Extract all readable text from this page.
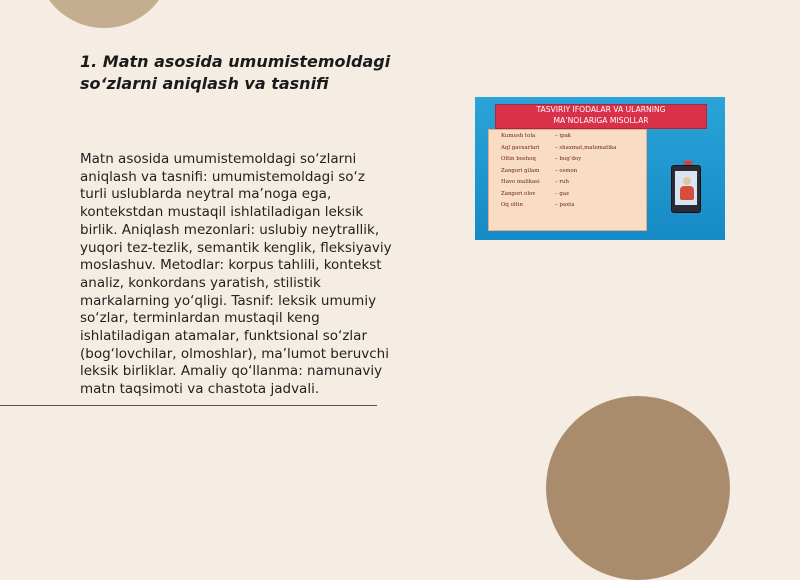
1. Matn asosida umumistemoldagi
so‘zlarni aniqlash va tasnifi

Matn asosida umumistemoldagi so‘zlarni
aniqlash va tasnifi: umumistemoldagi so‘z
turli uslublarda neytral ma’noga ega,
kontekstdan mustaqil ishlatiladigan leksik
birlik. Aniqlash mezonlari: uslubiy neytrallik,
yuqori tez-tezlik, semantik kenglik, fleksiyaviy
moslashuv. Metodlar: korpus tahlili, kontekst
analiz, konkordans yaratish, stilistik
markalarning yo‘qligi. Tasnif: leksik umumiy
so‘zlar, terminlardan mustaqil keng
ishlatiladigan atamalar, funktsional so‘zlar
(bog‘lovchilar, olmoshlar), ma’lumot beruvchi
leksik birliklar. Amaliy qo‘llanma: namunaviy
matn taqsimoti va chastota jadvali.

TASVIRIY IFODALAR VA ULARNING
MA’NOLARIGA MISOLLAR
Kumush tola	– ipak
Aql gavxarlari	– shaxmat,matematika
Oltin boshoq	– bug‘doy
Zangori gilam	– osmon
Havo malikasi	– ruh
Zangori olov	– gaz
Oq oltin	– paxta
